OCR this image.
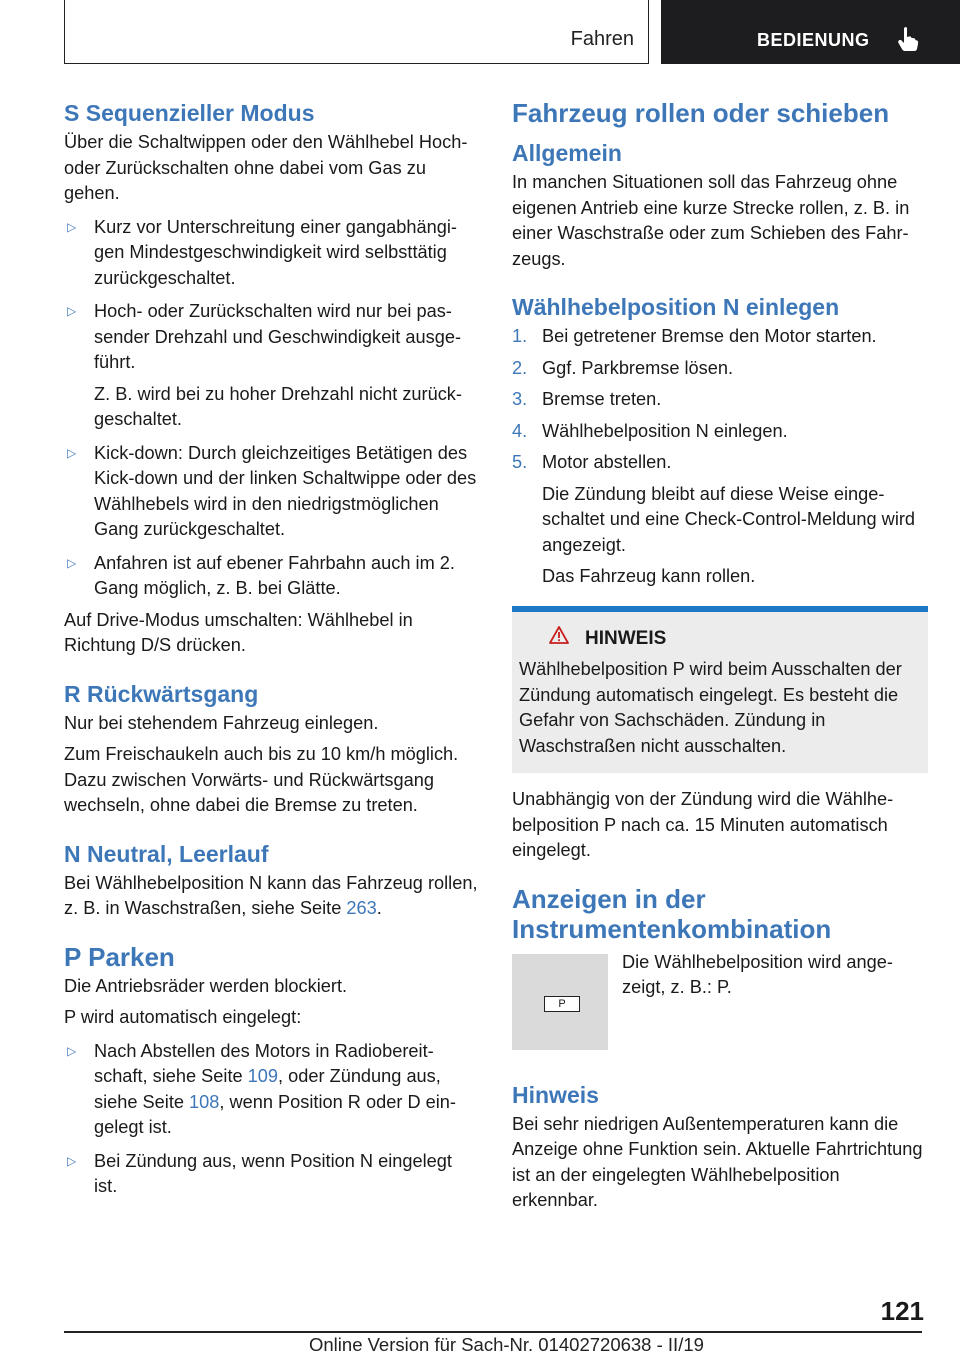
Fahren	BEDIENUNG
S Sequenzieller Modus

Über die Schaltwippen oder den Wählhebel Hoch- oder Zurückschalten ohne dabei vom Gas zu gehen.

▷ Kurz vor Unterschreitung einer gangabhängigen Mindestgeschwindigkeit wird selbsttätig zurückgeschaltet.

▷ Hoch- oder Zurückschalten wird nur bei passender Drehzahl und Geschwindigkeit ausgeführt.

Z. B. wird bei zu hoher Drehzahl nicht zurückgeschaltet.

▷ Kick-down: Durch gleichzeitiges Betätigen des Kick-down und der linken Schaltwippe oder des Wählhebels wird in den niedrigstmöglichen Gang zurückgeschaltet.

▷ Anfahren ist auf ebener Fahrbahn auch im 2. Gang möglich, z. B. bei Glätte.

Auf Drive-Modus umschalten: Wählhebel in Richtung D/S drücken.

R Rückwärtsgang

Nur bei stehendem Fahrzeug einlegen.

Zum Freischaukeln auch bis zu 10 km/h möglich. Dazu zwischen Vorwärts- und Rückwärtsgang wechseln, ohne dabei die Bremse zu treten.

N Neutral, Leerlauf

Bei Wählhebelposition N kann das Fahrzeug rollen, z. B. in Waschstraßen, siehe Seite 263.

P Parken

Die Antriebsräder werden blockiert.

P wird automatisch eingelegt:

▷ Nach Abstellen des Motors in Radiobereitschaft, siehe Seite 109, oder Zündung aus, siehe Seite 108, wenn Position R oder D eingelegt ist.

▷ Bei Zündung aus, wenn Position N eingelegt ist.

Fahrzeug rollen oder schieben
Allgemein

In manchen Situationen soll das Fahrzeug ohne eigenen Antrieb eine kurze Strecke rollen, z. B. in einer Waschstraße oder zum Schieben des Fahrzeugs.

Wählhebelposition N einlegen

1. Bei getretener Bremse den Motor starten.

2. Ggf. Parkbremse lösen.

3. Bremse treten.

4. Wählhebelposition N einlegen.

5. Motor abstellen.

Die Zündung bleibt auf diese Weise eingeschaltet und eine Check-Control-Meldung wird angezeigt.

Das Fahrzeug kann rollen.

HINWEIS

Wählhebelposition P wird beim Ausschalten der Zündung automatisch eingelegt. Es besteht die Gefahr von Sachschäden. Zündung in Waschstraßen nicht ausschalten.

Unabhängig von der Zündung wird die Wählhebelposition P nach ca. 15 Minuten automatisch eingelegt.

Anzeigen in der Instrumentenkombination
P

Die Wählhebelposition wird angezeigt, z. B.: P.

Hinweis

Bei sehr niedrigen Außentemperaturen kann die Anzeige ohne Funktion sein. Aktuelle Fahrtrichtung ist an der eingelegten Wählhebelposition erkennbar.

121
Online Version für Sach-Nr. 01402720638 - II/19
